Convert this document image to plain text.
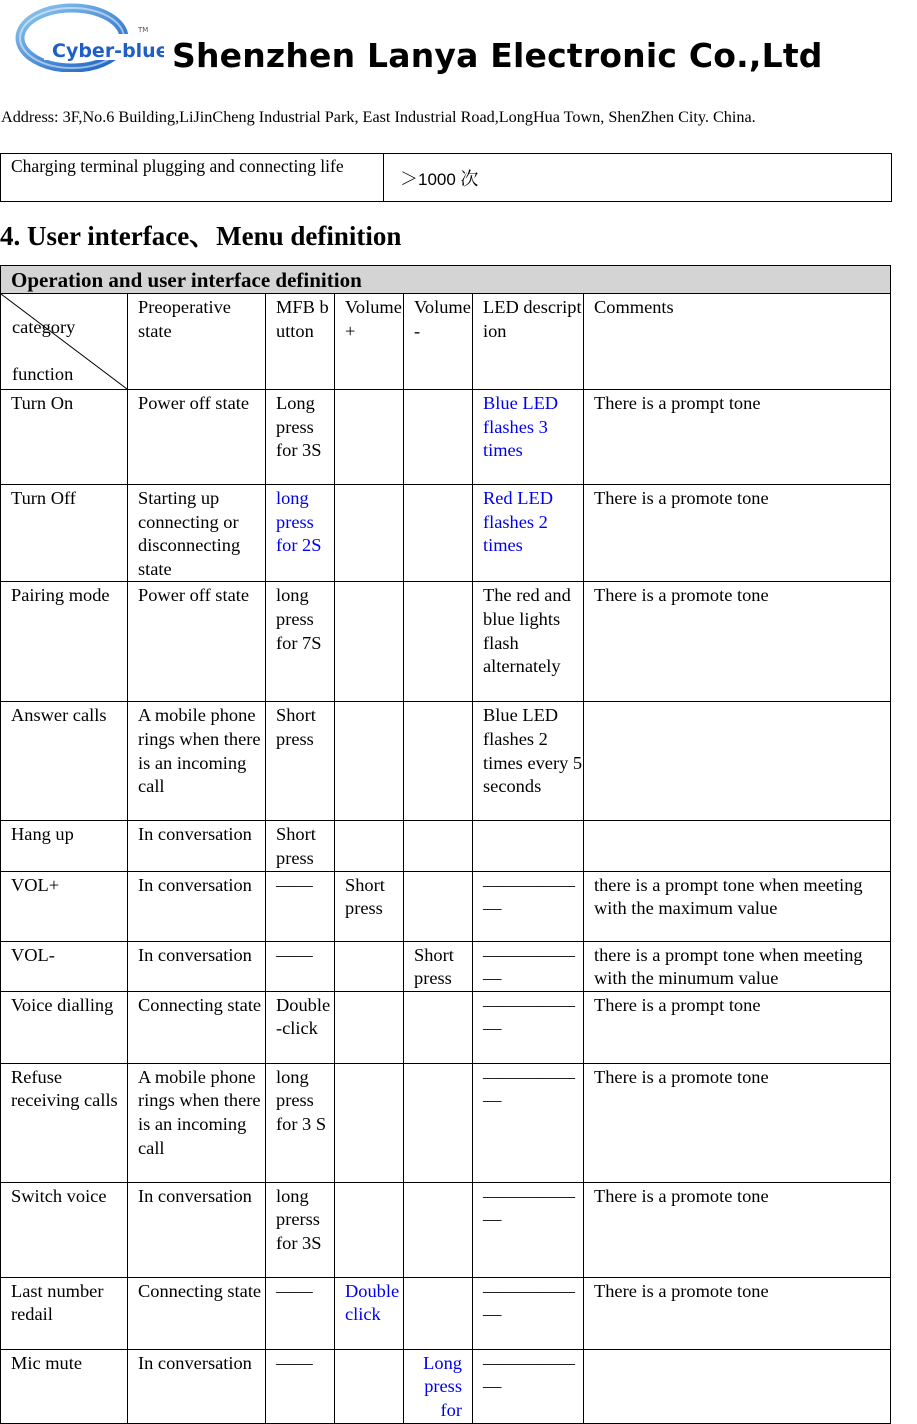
Cyber-blue
TM
Shenzhen Lanya Electronic Co.,Ltd
Address: 3F,No.6 Building,LiJinCheng Industrial Park, East Industrial Road,LongHua Town, ShenZhen City. China.
Charging terminal plugging and connecting life
＞1000 次
4. User interface、Menu definition
Operation and user interface definition						

category
function	Preoperative state	MFB button	Volume+	Volume-	LED description	Comments
Turn On	Power off state	Long press for 3S			Blue LED flashes 3 times	There is a prompt tone
Turn Off	Starting up connecting or disconnecting state	long press for 2S			Red LED flashes 2 times	There is a promote tone
Pairing mode	Power off state	long press for 7S			The red and blue lights flash alternately	There is a promote tone
Answer calls	A mobile phone rings when there is an incoming call	Short press			Blue LED flashes 2 times every 5 seconds	
Hang up	In conversation	Short press				
VOL+	In conversation	——	Short press		——————	there is a prompt tone when meeting with the maximum value
VOL-	In conversation	——		Short press	——————	there is a prompt tone when meeting with the minumum value
Voice dialling	Connecting state	Double-click			——————	There is a prompt tone
Refuse receiving calls	A mobile phone rings when there is an incoming call	long press for 3 S			——————	There is a promote tone
Switch voice	In conversation	long prerss for 3S			——————	There is a promote tone
Last number redail	Connecting state	——	Double click		——————	There is a promote tone
Mic mute	In conversation	——		Long press for	——————	
